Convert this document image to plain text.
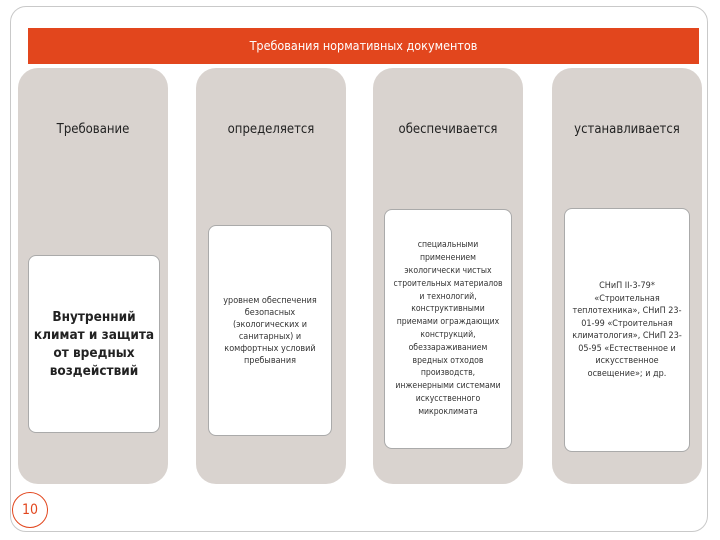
Требования нормативных документов
Требование
Внутренний климат и защита от вредных воздействий
определяется
уровнем обеспечения безопасных (экологических и санитарных) и комфортных условий пребывания
обеспечивается
специальными применением экологически чистых строительных материалов и технологий, конструктивными приемами ограждающих конструкций, обеззараживанием вредных отходов производств, инженерными системами искусственного микроклимата
устанавливается
СНиП II-3-79* «Строительная теплотехника», СНиП 23-01-99 «Строительная климатология», СНиП 23-05-95 «Естественное и искусственное освещение»; и др.
10
